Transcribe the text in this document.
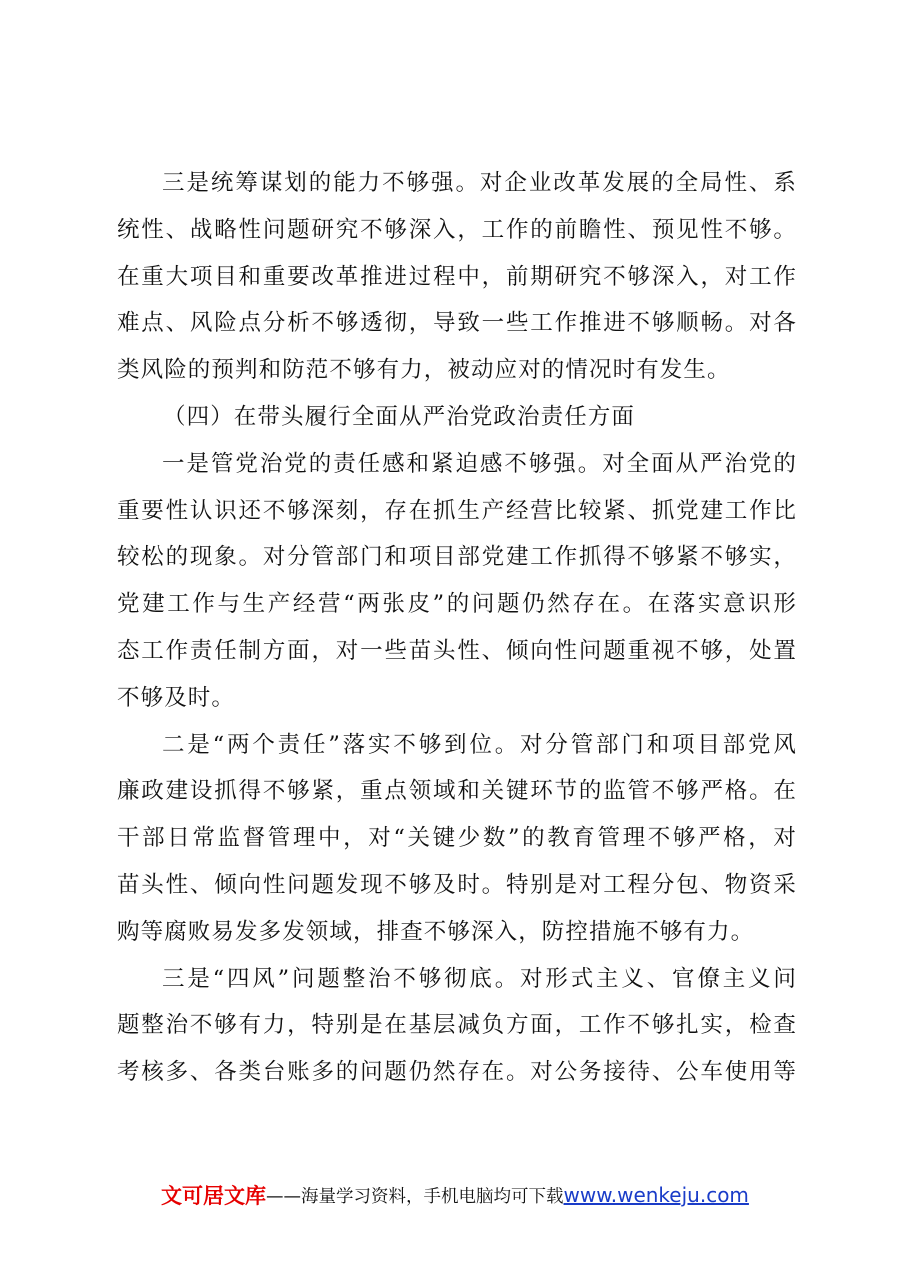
三是统筹谋划的能力不够强。对企业改革发展的全局性、系
统性、战略性问题研究不够深入，工作的前瞻性、预见性不够。
在重大项目和重要改革推进过程中，前期研究不够深入，对工作
难点、风险点分析不够透彻，导致一些工作推进不够顺畅。对各
类风险的预判和防范不够有力，被动应对的情况时有发生。

（四）在带头履行全面从严治党政治责任方面

一是管党治党的责任感和紧迫感不够强。对全面从严治党的
重要性认识还不够深刻，存在抓生产经营比较紧、抓党建工作比
较松的现象。对分管部门和项目部党建工作抓得不够紧不够实，
党建工作与生产经营“两张皮”的问题仍然存在。在落实意识形
态工作责任制方面，对一些苗头性、倾向性问题重视不够，处置
不够及时。

二是“两个责任”落实不够到位。对分管部门和项目部党风
廉政建设抓得不够紧，重点领域和关键环节的监管不够严格。在
干部日常监督管理中，对“关键少数”的教育管理不够严格，对
苗头性、倾向性问题发现不够及时。特别是对工程分包、物资采
购等腐败易发多发领域，排查不够深入，防控措施不够有力。

三是“四风”问题整治不够彻底。对形式主义、官僚主义问
题整治不够有力，特别是在基层减负方面，工作不够扎实，检查
考核多、各类台账多的问题仍然存在。对公务接待、公车使用等

文可居文库 ——海量学习资料，手机电脑均可下载 www.wenkeju.com
